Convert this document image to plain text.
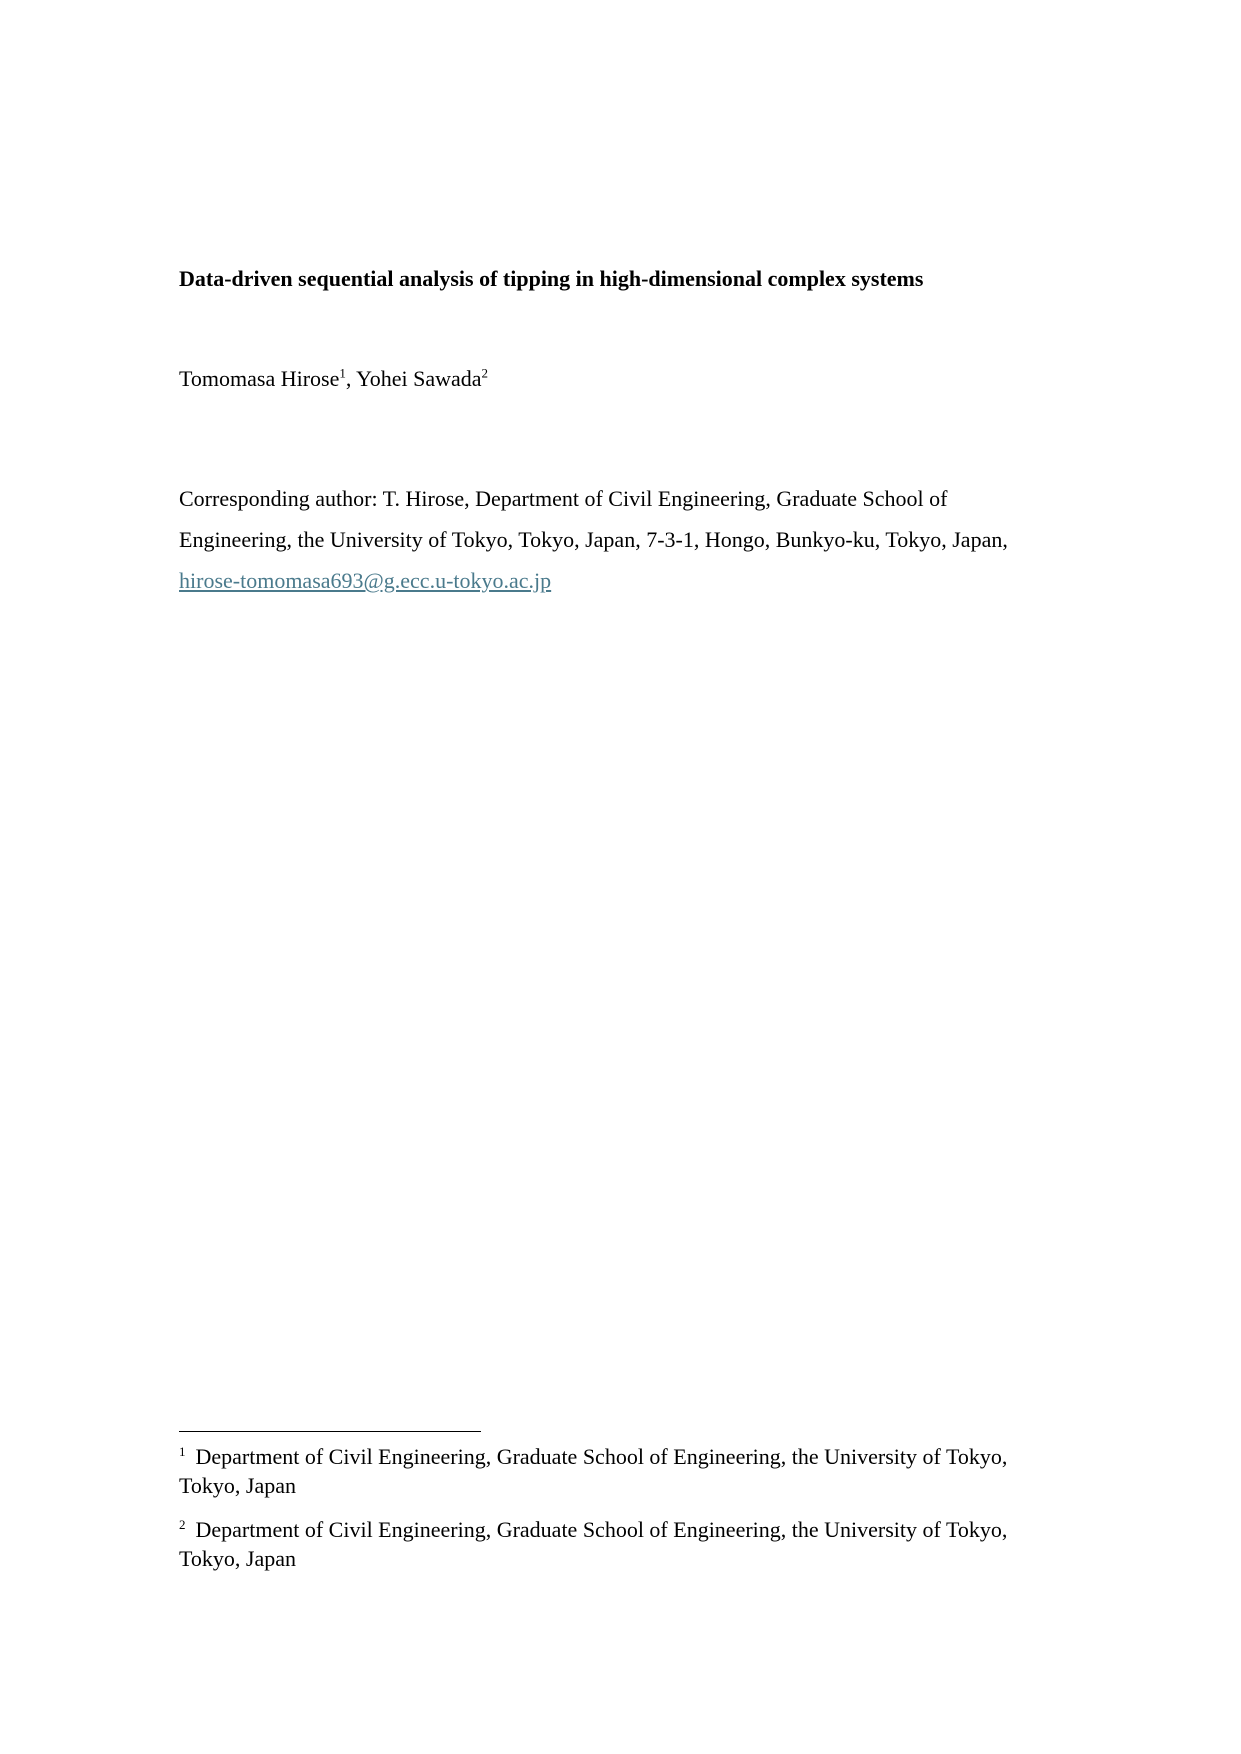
Data-driven sequential analysis of tipping in high-dimensional complex systems
Tomomasa Hirose$^1$, Yohei Sawada$^2$
Corresponding author: T. Hirose, Department of Civil Engineering, Graduate School of
Engineering, the University of Tokyo, Tokyo, Japan, 7-3-1, Hongo, Bunkyo-ku, Tokyo, Japan,
hirose-tomomasa693@g.ecc.u-tokyo.ac.jp
$^1$ Department of Civil Engineering, Graduate School of Engineering, the University of Tokyo,
Tokyo, Japan
$^2$ Department of Civil Engineering, Graduate School of Engineering, the University of Tokyo,
Tokyo, Japan
